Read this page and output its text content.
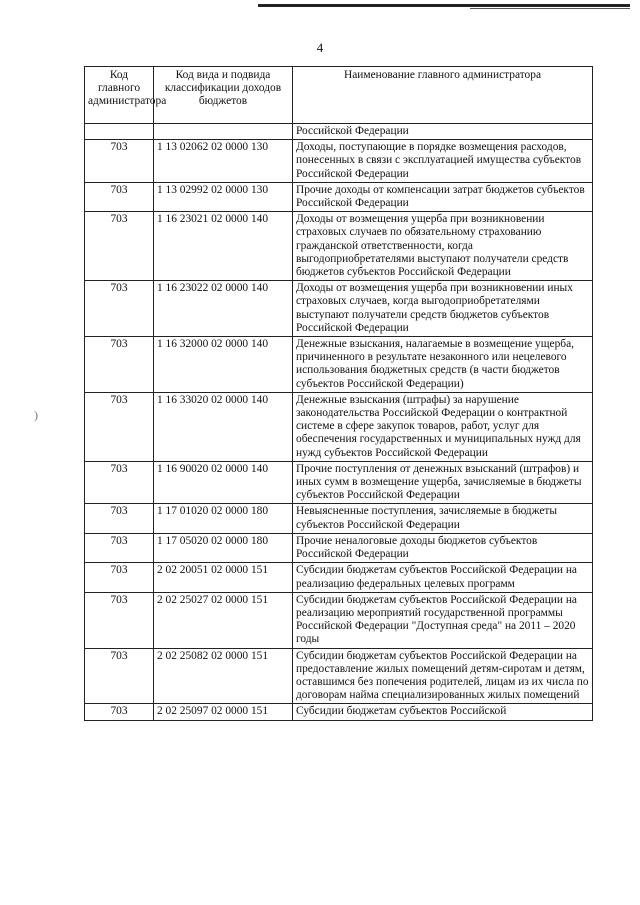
4
)
Код главного администратора	Код вида и подвида классификации доходов бюджетов	Наименование главного администратора
		Российской Федерации
703	1 13 02062 02 0000 130	Доходы, поступающие в порядке возмещения расходов, понесенных в связи с эксплуатацией имущества субъектов Российской Федерации
703	1 13 02992 02 0000 130	Прочие доходы от компенсации затрат бюджетов субъектов Российской Федерации
703	1 16 23021 02 0000 140	Доходы от возмещения ущерба при возникновении страховых случаев по обязательному страхованию гражданской ответственности, когда выгодоприобретателями выступают получатели средств бюджетов субъектов Российской Федерации
703	1 16 23022 02 0000 140	Доходы от возмещения ущерба при возникновении иных страховых случаев, когда выгодоприобретателями выступают получатели средств бюджетов субъектов Российской Федерации
703	1 16 32000 02 0000 140	Денежные взыскания, налагаемые в возмещение ущерба, причиненного в результате незаконного или нецелевого использования бюджетных средств (в части бюджетов субъектов Российской Федерации)
703	1 16 33020 02 0000 140	Денежные взыскания (штрафы) за нарушение законодательства Российской Федерации о контрактной системе в сфере закупок товаров, работ, услуг для обеспечения государственных и муниципальных нужд для нужд субъектов Российской Федерации
703	1 16 90020 02 0000 140	Прочие поступления от денежных взысканий (штрафов) и иных сумм в возмещение ущерба, зачисляемые в бюджеты субъектов Российской Федерации
703	1 17 01020 02 0000 180	Невыясненные поступления, зачисляемые в бюджеты субъектов Российской Федерации
703	1 17 05020 02 0000 180	Прочие неналоговые доходы бюджетов субъектов Российской Федерации
703	2 02 20051 02 0000 151	Субсидии бюджетам субъектов Российской Федерации на реализацию федеральных целевых программ
703	2 02 25027 02 0000 151	Субсидии бюджетам субъектов Российской Федерации на реализацию мероприятий государственной программы Российской Федерации "Доступная среда" на 2011 – 2020 годы
703	2 02 25082 02 0000 151	Субсидии бюджетам субъектов Российской Федерации на предоставление жилых помещений детям-сиротам и детям, оставшимся без попечения родителей, лицам из их числа по договорам найма специализированных жилых помещений
703	2 02 25097 02 0000 151	Субсидии бюджетам субъектов Российской
